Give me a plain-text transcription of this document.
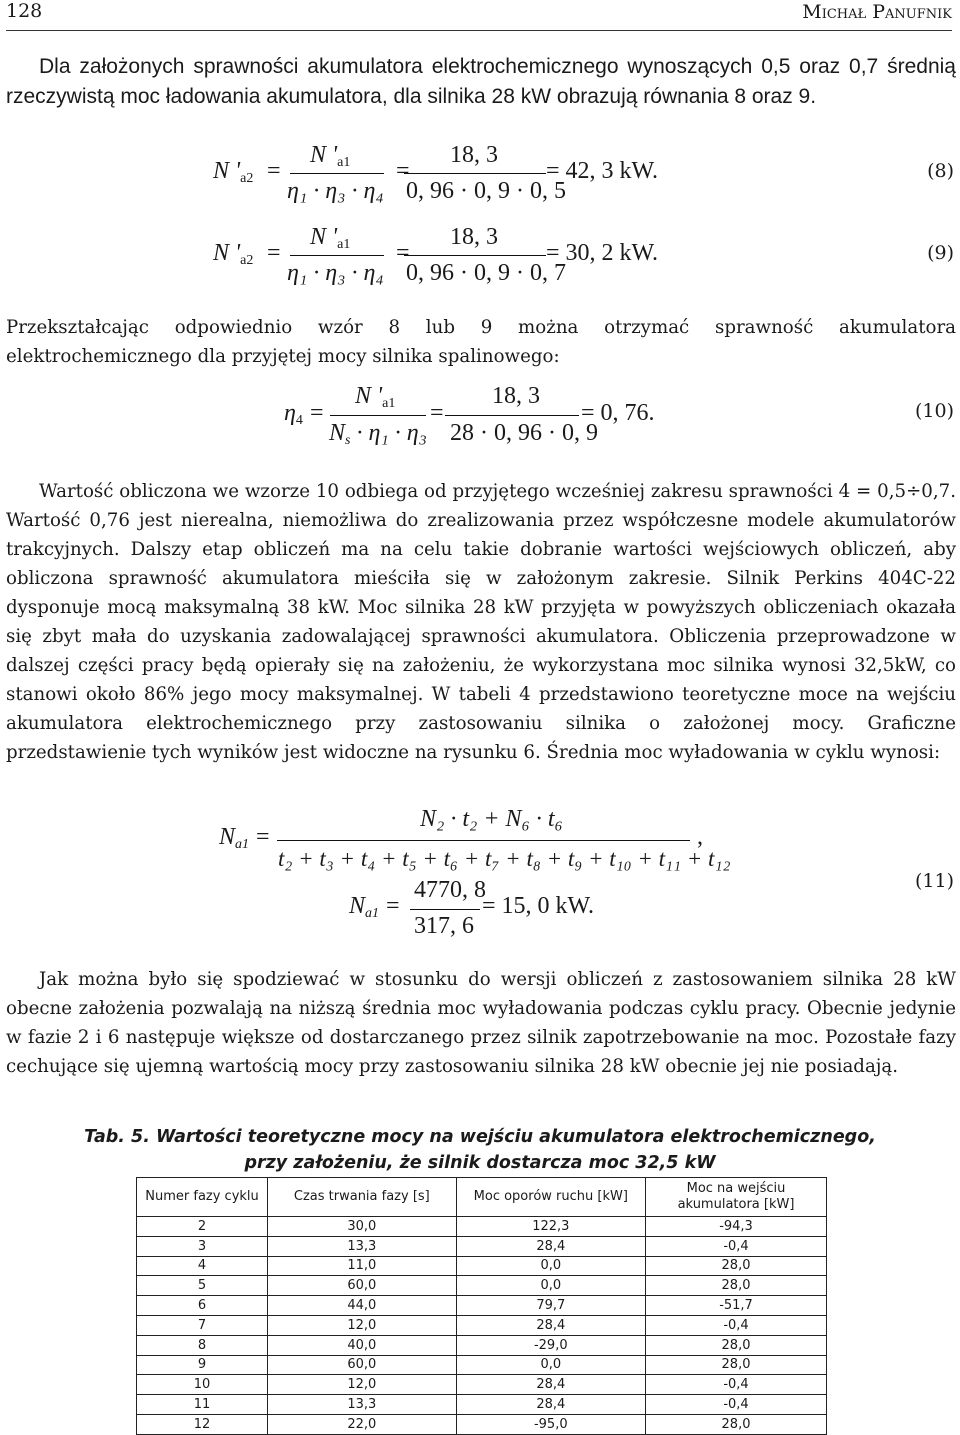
128	Michał Panufnik

Dla założonych sprawności akumulatora elektrochemicznego wynoszących 0,5 oraz 0,7 średnią rzeczywistą moc ładowania akumulatora, dla silnika 28 kW obrazują równania 8 oraz 9.

N '$_{a2}$ =
N '$_{a1}$
η₁ · η₃ · η₄
=
18, 3
0, 96 · 0, 9 · 0, 5
= 42, 3 kW.	(8)
N '$_{a2}$ =
N '$_{a1}$
η₁ · η₃ · η₄
=
18, 3
0, 96 · 0, 9 · 0, 7
= 30, 2 kW.	(9)

Przekształcając odpowiednio wzór 8 lub 9 można otrzymać sprawność akumulatora elektrochemicznego dla przyjętej mocy silnika spalinowego:

$\eta_4$ =
N '$_{a1}$
$N_s \cdot \eta_1 \cdot \eta_3$
=
18, 3
28 · 0, 96 · 0, 9
= 0, 76.	(10)

Wartość obliczona we wzorze 10 odbiega od przyjętego wcześniej zakresu sprawności 4 = 0,5÷0,7. Wartość 0,76 jest nierealna, niemożliwa do zrealizowania przez współczesne modele akumulatorów trakcyjnych. Dalszy etap obliczeń ma na celu takie dobranie wartości wejściowych obliczeń, aby obliczona sprawność akumulatora mieściła się w założonym zakresie. Silnik Perkins 404C-22 dysponuje mocą maksymalną 38 kW. Moc silnika 28 kW przyjęta w powyższych obliczeniach okazała się zbyt mała do uzyskania zadowalającej sprawności akumulatora. Obliczenia przeprowadzone w dalszej części pracy będą opierały się na założeniu, że wykorzystana moc silnika wynosi 32,5kW, co stanowi około 86% jego mocy maksymalnej. W tabeli 4 przedstawiono teoretyczne moce na wejściu akumulatora elektrochemicznego przy zastosowaniu silnika o założonej mocy. Graficzne przedstawienie tych wyników jest widoczne na rysunku 6. Średnia moc wyładowania w cyklu wynosi:

$N_{a1}$ =
N₂ · t₂ + N₆ · t₆
t₂ + t₃ + t₄ + t₅ + t₆ + t₇ + t₈ + t₉ + t₁₀ + t₁₁ + t₁₂
,
$N_{a1}$ =
4770, 8
317, 6
= 15, 0 kW.
(11)

Jak można było się spodziewać w stosunku do wersji obliczeń z zastosowaniem silnika 28 kW obecne założenia pozwalają na niższą średnia moc wyładowania podczas cyklu pracy. Obecnie jedynie w fazie 2 i 6 następuje większe od dostarczanego przez silnik zapotrzebowanie na moc. Pozostałe fazy cechujące się ujemną wartością mocy przy zastosowaniu silnika 28 kW obecnie jej nie posiadają.

Tab. 5. Wartości teoretyczne mocy na wejściu akumulatora elektrochemicznego,
przy założeniu, że silnik dostarcza moc 32,5 kW
Numer fazy cyklu	Czas trwania fazy [s]	Moc oporów ruchu [kW]	Moc na wejściu akumulatora [kW]
2	30,0	122,3	-94,3
3	13,3	28,4	-0,4
4	11,0	0,0	28,0
5	60,0	0,0	28,0
6	44,0	79,7	-51,7
7	12,0	28,4	-0,4
8	40,0	-29,0	28,0
9	60,0	0,0	28,0
10	12,0	28,4	-0,4
11	13,3	28,4	-0,4
12	22,0	-95,0	28,0
